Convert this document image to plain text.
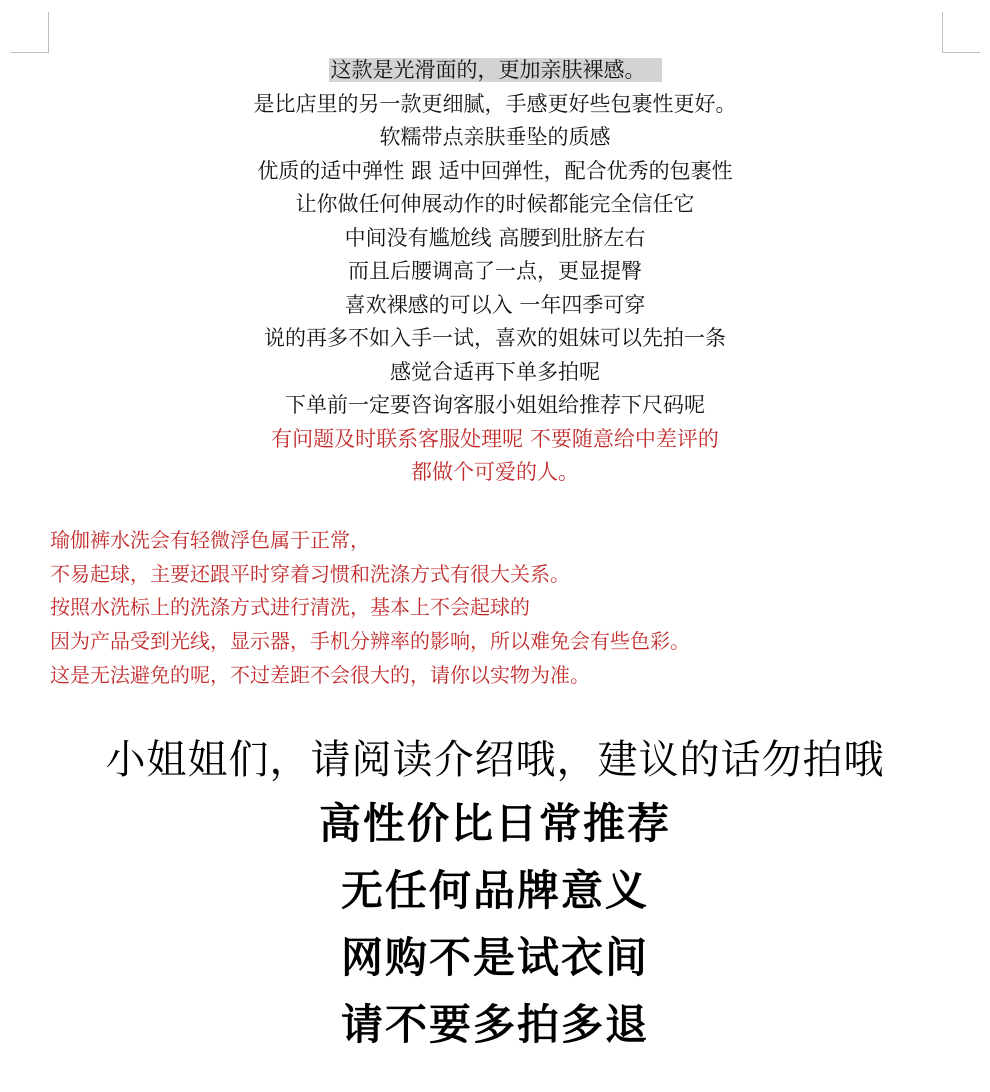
这款是光滑面的，更加亲肤裸感。
是比店里的另一款更细腻，手感更好些包裹性更好。
软糯带点亲肤垂坠的质感
优质的适中弹性 跟 适中回弹性，配合优秀的包裹性
让你做任何伸展动作的时候都能完全信任它
中间没有尴尬线 高腰到肚脐左右
而且后腰调高了一点，更显提臀
喜欢裸感的可以入 一年四季可穿
说的再多不如入手一试，喜欢的姐妹可以先拍一条
感觉合适再下单多拍呢
下单前一定要咨询客服小姐姐给推荐下尺码呢
有问题及时联系客服处理呢 不要随意给中差评的
都做个可爱的人。
瑜伽裤水洗会有轻微浮色属于正常，
不易起球，主要还跟平时穿着习惯和洗涤方式有很大关系。
按照水洗标上的洗涤方式进行清洗，基本上不会起球的
因为产品受到光线，显示器，手机分辨率的影响，所以难免会有些色彩。
这是无法避免的呢，不过差距不会很大的，请你以实物为准。
小姐姐们，请阅读介绍哦，建议的话勿拍哦
高性价比日常推荐
无任何品牌意义
网购不是试衣间
请不要多拍多退
